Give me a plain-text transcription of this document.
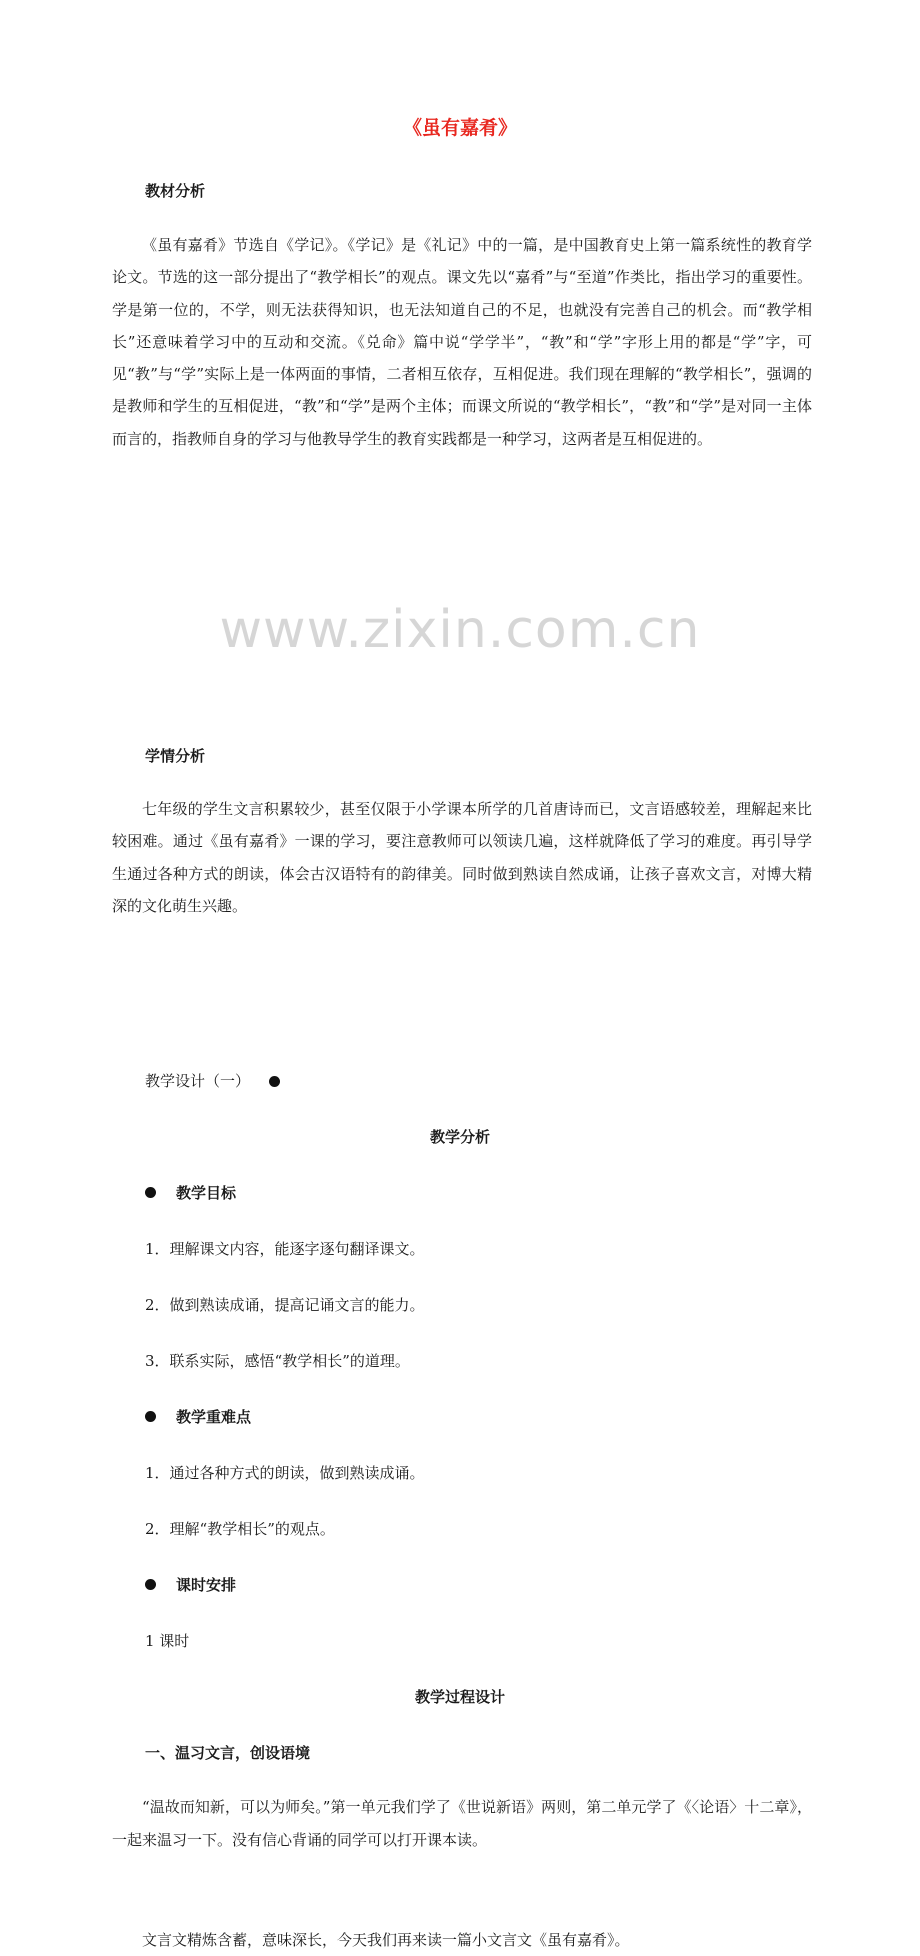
www.zixin.com.cn
《虽有嘉肴》
教材分析

《虽有嘉肴》节选自《学记》。《学记》是《礼记》中的一篇，是中国教育史上第一篇系统性的教育学论文。节选的这一部分提出了“教学相长”的观点。课文先以“嘉肴”与“至道”作类比，指出学习的重要性。学是第一位的，不学，则无法获得知识，也无法知道自己的不足，也就没有完善自己的机会。而“教学相长”还意味着学习中的互动和交流。《兑命》篇中说“学学半”，“教”和“学”字形上用的都是“学”字，可见“教”与“学”实际上是一体两面的事情，二者相互依存，互相促进。我们现在理解的“教学相长”，强调的是教师和学生的互相促进，“教”和“学”是两个主体；而课文所说的“教学相长”，“教”和“学”是对同一主体而言的，指教师自身的学习与他教导学生的教育实践都是一种学习，这两者是互相促进的。

学情分析

七年级的学生文言积累较少，甚至仅限于小学课本所学的几首唐诗而已，文言语感较差，理解起来比较困难。通过《虽有嘉肴》一课的学习，要注意教师可以领读几遍，这样就降低了学习的难度。再引导学生通过各种方式的朗读，体会古汉语特有的韵律美。同时做到熟读自然成诵，让孩子喜欢文言，对博大精深的文化萌生兴趣。

教学设计（一）
教学分析
教学目标
1．理解课文内容，能逐字逐句翻译课文。
2．做到熟读成诵，提高记诵文言的能力。
3．联系实际，感悟“教学相长”的道理。
教学重难点
1．通过各种方式的朗读，做到熟读成诵。
2．理解“教学相长”的观点。
课时安排
1 课时
教学过程设计
一、温习文言，创设语境

“温故而知新，可以为师矣。”第一单元我们学了《世说新语》两则，第二单元学了《〈论语〉十二章》，一起来温习一下。没有信心背诵的同学可以打开课本读。

文言文精炼含蓄，意味深长，今天我们再来读一篇小文言文《虽有嘉肴》。
